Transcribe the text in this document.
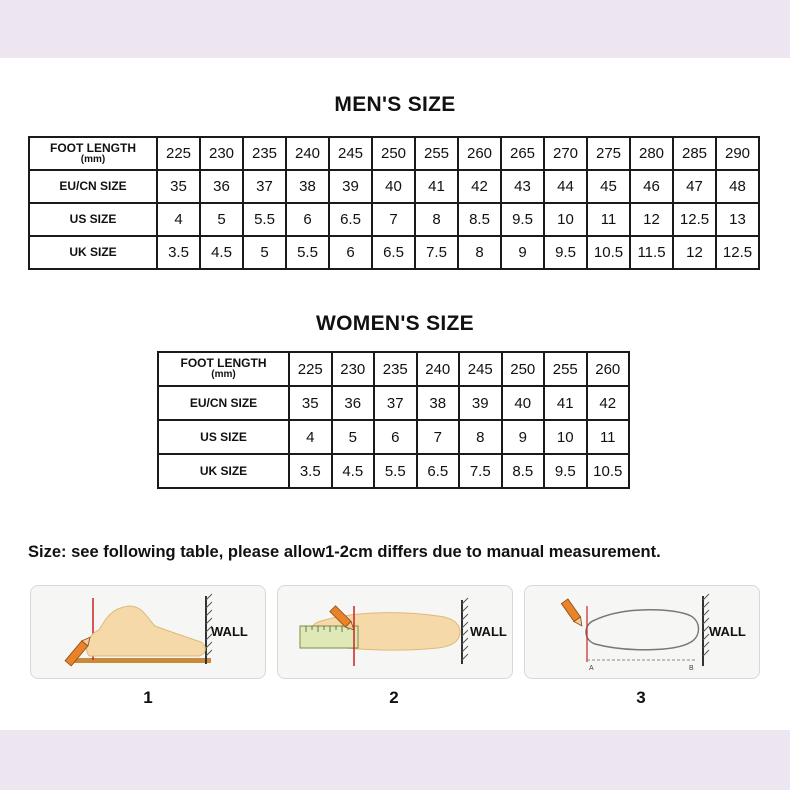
MEN'S SIZE
FOOT LENGTH
(mm)	225	230	235	240	245	250	255	260	265	270	275	280	285	290
EU/CN SIZE	35	36	37	38	39	40	41	42	43	44	45	46	47	48
US SIZE	4	5	5.5	6	6.5	7	8	8.5	9.5	10	11	12	12.5	13
UK SIZE	3.5	4.5	5	5.5	6	6.5	7.5	8	9	9.5	10.5	11.5	12	12.5
WOMEN'S SIZE
FOOT LENGTH
(mm)	225	230	235	240	245	250	255	260
EU/CN SIZE	35	36	37	38	39	40	41	42
US SIZE	4	5	6	7	8	9	10	11
UK SIZE	3.5	4.5	5.5	6.5	7.5	8.5	9.5	10.5
Size: see following table, please allow1-2cm differs due to manual measurement.
WALL	WALL
A	B
WALL
1	2	3
